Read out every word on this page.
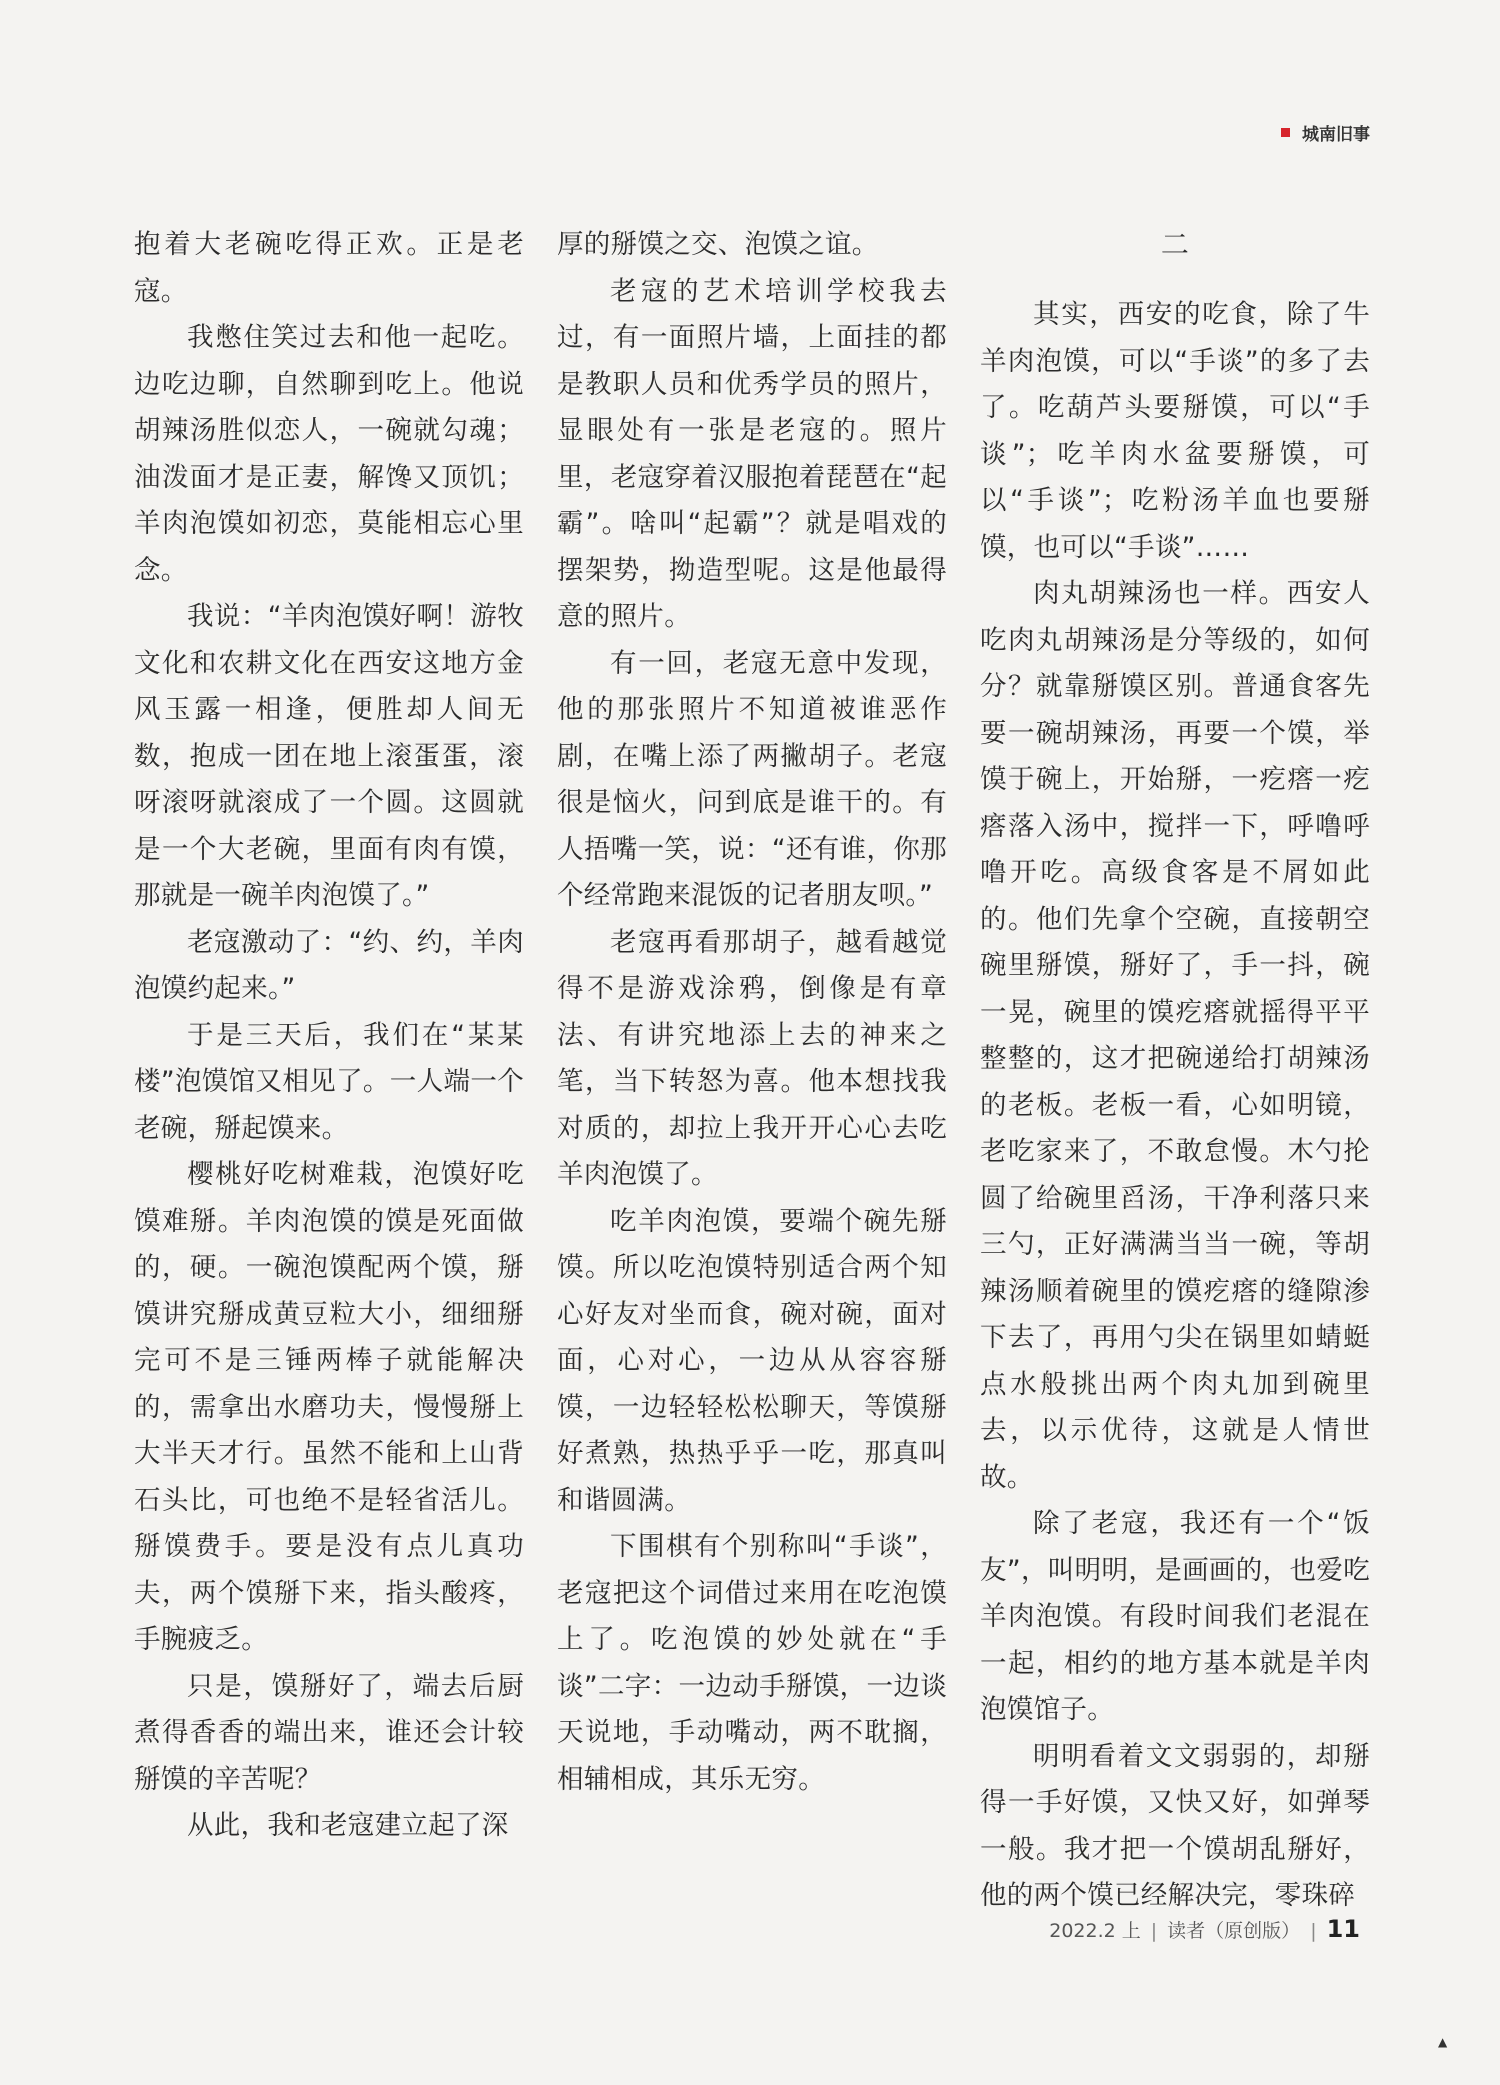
城南旧事

抱着大老碗吃得正欢。正是老寇。

我憋住笑过去和他一起吃。边吃边聊，自然聊到吃上。他说胡辣汤胜似恋人，一碗就勾魂；油泼面才是正妻，解馋又顶饥；羊肉泡馍如初恋，莫能相忘心里念。

我说：“羊肉泡馍好啊！游牧文化和农耕文化在西安这地方金风玉露一相逢，便胜却人间无数，抱成一团在地上滚蛋蛋，滚呀滚呀就滚成了一个圆。这圆就是一个大老碗，里面有肉有馍，那就是一碗羊肉泡馍了。”

老寇激动了：“约、约，羊肉泡馍约起来。”

于是三天后，我们在“某某楼”泡馍馆又相见了。一人端一个老碗，掰起馍来。

樱桃好吃树难栽，泡馍好吃馍难掰。羊肉泡馍的馍是死面做的，硬。一碗泡馍配两个馍，掰馍讲究掰成黄豆粒大小，细细掰完可不是三锤两棒子就能解决的，需拿出水磨功夫，慢慢掰上大半天才行。虽然不能和上山背石头比，可也绝不是轻省活儿。掰馍费手。要是没有点儿真功夫，两个馍掰下来，指头酸疼，手腕疲乏。

只是，馍掰好了，端去后厨煮得香香的端出来，谁还会计较掰馍的辛苦呢？

从此，我和老寇建立起了深

厚的掰馍之交、泡馍之谊。

老寇的艺术培训学校我去过，有一面照片墙，上面挂的都是教职人员和优秀学员的照片，显眼处有一张是老寇的。照片里，老寇穿着汉服抱着琵琶在“起霸”。啥叫“起霸”？就是唱戏的摆架势，拗造型呢。这是他最得意的照片。

有一回，老寇无意中发现，他的那张照片不知道被谁恶作剧，在嘴上添了两撇胡子。老寇很是恼火，问到底是谁干的。有人捂嘴一笑，说：“还有谁，你那个经常跑来混饭的记者朋友呗。”

老寇再看那胡子，越看越觉得不是游戏涂鸦，倒像是有章法、有讲究地添上去的神来之笔，当下转怒为喜。他本想找我对质的，却拉上我开开心心去吃羊肉泡馍了。

吃羊肉泡馍，要端个碗先掰馍。所以吃泡馍特别适合两个知心好友对坐而食，碗对碗，面对面，心对心，一边从从容容掰馍，一边轻轻松松聊天，等馍掰好煮熟，热热乎乎一吃，那真叫和谐圆满。

下围棋有个别称叫“手谈”，老寇把这个词借过来用在吃泡馍上了。吃泡馍的妙处就在“手谈”二字：一边动手掰馍，一边谈天说地，手动嘴动，两不耽搁，相辅相成，其乐无穷。

二

其实，西安的吃食，除了牛羊肉泡馍，可以“手谈”的多了去了。吃葫芦头要掰馍，可以“手谈”；吃羊肉水盆要掰馍，可以“手谈”；吃粉汤羊血也要掰馍，也可以“手谈”……

肉丸胡辣汤也一样。西安人吃肉丸胡辣汤是分等级的，如何分？就靠掰馍区别。普通食客先要一碗胡辣汤，再要一个馍，举馍于碗上，开始掰，一疙瘩一疙瘩落入汤中，搅拌一下，呼噜呼噜开吃。高级食客是不屑如此的。他们先拿个空碗，直接朝空碗里掰馍，掰好了，手一抖，碗一晃，碗里的馍疙瘩就摇得平平整整的，这才把碗递给打胡辣汤的老板。老板一看，心如明镜，老吃家来了，不敢怠慢。木勺抡圆了给碗里舀汤，干净利落只来三勺，正好满满当当一碗，等胡辣汤顺着碗里的馍疙瘩的缝隙渗下去了，再用勺尖在锅里如蜻蜓点水般挑出两个肉丸加到碗里去，以示优待，这就是人情世故。

除了老寇，我还有一个“饭友”，叫明明，是画画的，也爱吃羊肉泡馍。有段时间我们老混在一起，相约的地方基本就是羊肉泡馍馆子。

明明看着文文弱弱的，却掰得一手好馍，又快又好，如弹琴一般。我才把一个馍胡乱掰好，他的两个馍已经解决完，零珠碎

2022.2 上 | 读者（原创版） | 11
▲
